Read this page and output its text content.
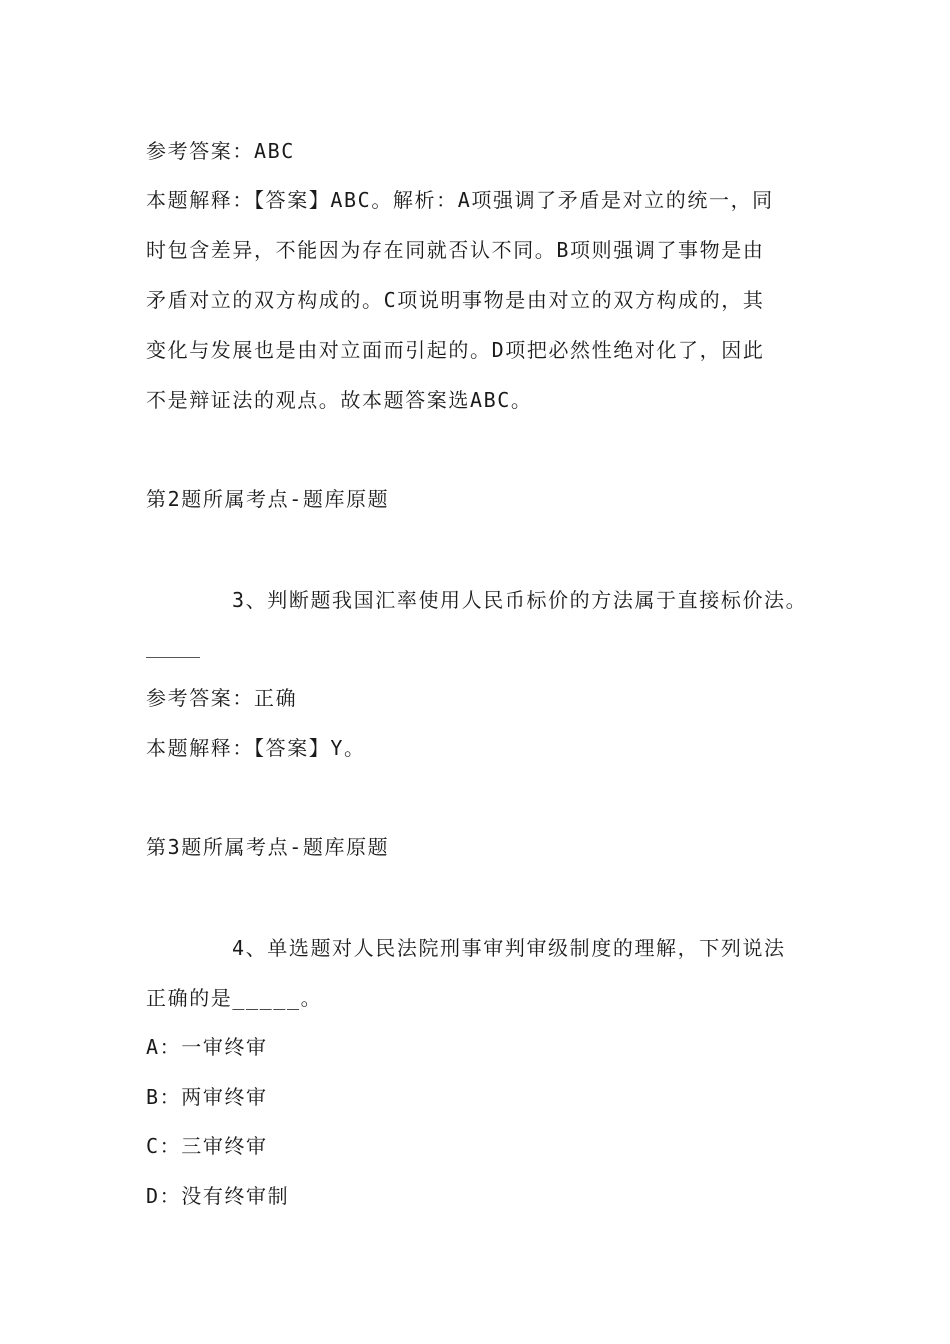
参考答案：ABC
本题解释：【答案】ABC。解析：A项强调了矛盾是对立的统一，同
时包含差异，不能因为存在同就否认不同。B项则强调了事物是由
矛盾对立的双方构成的。C项说明事物是由对立的双方构成的，其
变化与发展也是由对立面而引起的。D项把必然性绝对化了，因此
不是辩证法的观点。故本题答案选ABC。
第2题所属考点-题库原题
3、判断题我国汇率使用人民币标价的方法属于直接标价法。
参考答案：正确
本题解释：【答案】Y。
第3题所属考点-题库原题
4、单选题对人民法院刑事审判审级制度的理解，下列说法
正确的是_____。
A：一审终审
B：两审终审
C：三审终审
D：没有终审制
